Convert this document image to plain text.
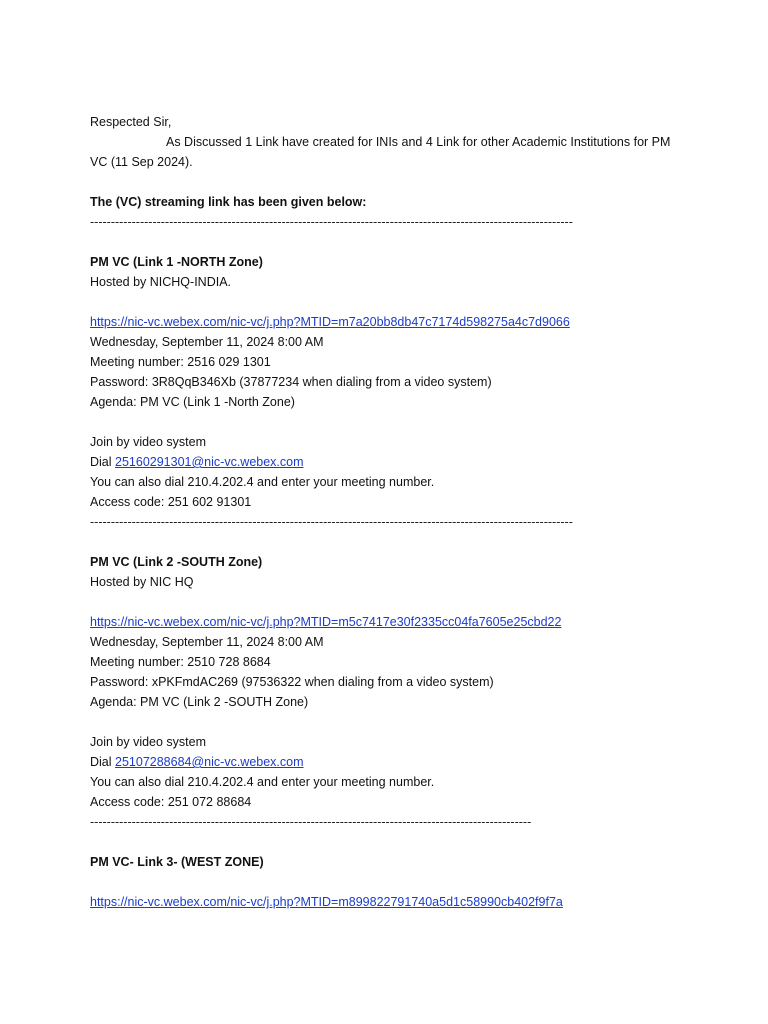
Respected Sir,
As Discussed 1 Link have created for INIs and 4 Link for other Academic Institutions for PM
VC (11 Sep 2024).
The (VC) streaming link has been given below:
--------------------------------------------------------------------------------------------------------------------
PM VC (Link 1 -NORTH Zone)
Hosted by NICHQ-INDIA.
https://nic-vc.webex.com/nic-vc/j.php?MTID=m7a20bb8db47c7174d598275a4c7d9066
Wednesday, September 11, 2024 8:00 AM
Meeting number: 2516 029 1301
Password: 3R8QqB346Xb (37877234 when dialing from a video system)
Agenda: PM VC (Link 1 -North Zone)
Join by video system
Dial 25160291301@nic-vc.webex.com
You can also dial 210.4.202.4 and enter your meeting number.
Access code: 251 602 91301
--------------------------------------------------------------------------------------------------------------------
PM VC (Link 2 -SOUTH Zone)
Hosted by NIC HQ
https://nic-vc.webex.com/nic-vc/j.php?MTID=m5c7417e30f2335cc04fa7605e25cbd22
Wednesday, September 11, 2024 8:00 AM
Meeting number: 2510 728 8684
Password: xPKFmdAC269 (97536322 when dialing from a video system)
Agenda: PM VC (Link 2 -SOUTH Zone)
Join by video system
Dial 25107288684@nic-vc.webex.com
You can also dial 210.4.202.4 and enter your meeting number.
Access code: 251 072 88684
----------------------------------------------------------------------------------------------------------
PM VC- Link 3- (WEST ZONE)
https://nic-vc.webex.com/nic-vc/j.php?MTID=m899822791740a5d1c58990cb402f9f7a
